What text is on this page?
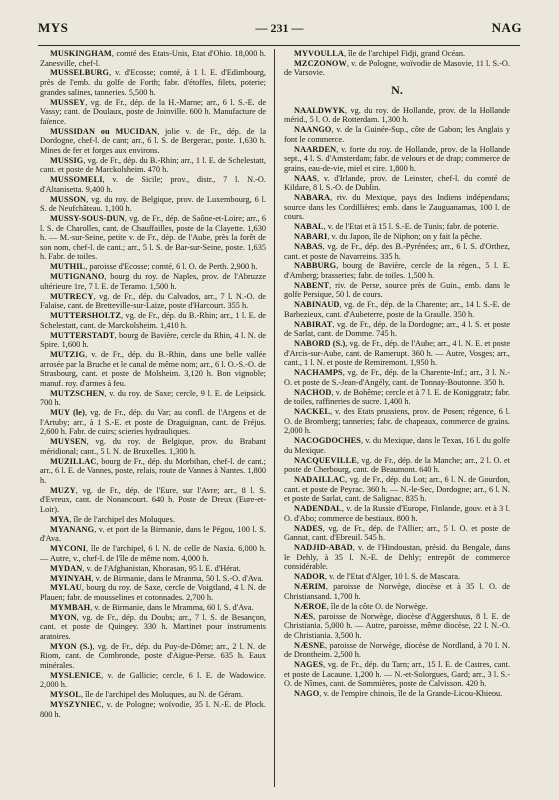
MYS	— 231 —	NAG
MUSKINGHAM, comté des Etats-Unis, Etat d'Ohio. 18,000 h. Zanesville, chef-l.
MUSSELBURG, v. d'Ecosse; comté, à 1 l. E. d'Edimbourg, près de l'emb. du golfe de Forth; fabr. d'étoffes, filets, poterie; grandes salines, tanneries. 5,500 h.
MUSSEY, vg. de Fr., dép. de la H.-Marne; arr., 6 l. S.-E. de Vassy; cant. de Doulaux, poste de Joinville. 600 h. Manufacture de faïence.
MUSSIDAN ou MUCIDAN, jolie v. de Fr., dép. de la Dordogne, chef-l. de cant; arr., 6 l. S. de Bergerac, poste. 1,630 h. Mines de fer et forges aux environs.
MUSSIG, vg. de Fr., dép. du B.-Rhin; arr., 1 l. E. de Schelestatt, cant. et poste de Marckolsheim. 470 h.
MUSSOMELI, v. de Sicile; prov., distr., 7 l. N.-O. d'Altanisetta. 9,400 h.
MUSSON, vg. du roy. de Belgique, prov. de Luxembourg, 6 l. S. de Neufchâteau. 1,100 h.
MUSSY-SOUS-DUN, vg. de Fr., dép. de Saône-et-Loire; arr., 6 l. S. de Charolles, cant. de Chauffailles, poste de la Clayette. 1,630 h. — M.-sur-Seine, petite v. de Fr., dép. de l'Aube, près la forêt de son nom, chef-l. de cant.; arr., 5 l. S. de Bar-sur-Seine, poste. 1,635 h. Fabr. de toiles.
MUTHIL, paroisse d'Ecosse; comté, 6 l. O. de Perth. 2,900 h.
MUTIGNANO, bourg du roy. de Naples, prov. de l'Abruzze ultérieure 1re, 7 l. E. de Teramo. 1,500 h.
MUTRECY, vg. de Fr., dép. du Calvados, arr., 7 l. N.-O. de Falaise, cant. de Bretteville-sur-Laize, poste d'Harcourt. 355 h.
MUTTERSHOLTZ, vg. de Fr., dép. du B.-Rhin; arr., 1 l. E. de Schelestatt, cant. de Marckolsheim. 1,410 h.
MUTTERSTADT, bourg de Bavière, cercle du Rhin, 4 l. N. de Spire. 1,600 h.
MUTZIG, v. de Fr., dép. du B.-Rhin, dans une belle vallée arrosée par la Bruche et le canal de même nom; arr., 6 l. O.-S.-O. de Strasbourg, cant. et poste de Molsheim. 3,120 h. Bon vignoble; manuf. roy. d'armes à feu.
MUTZSCHEN, v. du roy. de Saxe; cercle, 9 l. E. de Leipsick. 700 h.
MUY (le), vg. de Fr., dép. du Var; au confl. de l'Argens et de l'Artuby; arr., à 1 S.-E. et poste de Draguignan, cant. de Fréjus. 2,600 h. Fabr. de cuirs; scieries hydrauliques.
MUYSEN, vg. du roy. de Belgique, prov. du Brabant méridional; cant., 5 l. N. de Bruxelles. 1,300 h.
MUZILLAC, bourg de Fr., dép. du Morbihan, chef-l. de cant.; arr., 6 l. E. de Vannes, poste, relais, route de Vannes à Nantes. 1,800 h.
MUZY, vg. de Fr., dép. de l'Eure, sur l'Avre; arr., 8 l. S. d'Evreux, cant. de Nonancourt. 640 h. Poste de Dreux (Eure-et-Loir).
MYA, île de l'archipel des Moluques.
MYANANG, v. et port de la Birmanie, dans le Pégou, 100 l. S. d'Ava.
MYCONI, île de l'archipel, 6 l. N. de celle de Naxia. 6,000 h. — Autre, v., chef-l. de l'île de même nom. 4,000 h.
MYDAN, v. de l'Afghanistan, Khorasan, 95 l. E. d'Hérat.
MYINYAH, v. de Birmanie, dans le Mranma, 50 l. S.-O. d'Ava.
MYLAU, bourg du roy. de Saxe, cercle de Voigtland, 4 l. N. de Plauen; fabr. de mousselines et cotonnades. 2,700 h.
MYMBAH, v. de Birmanie, dans le Mramma, 60 l. S. d'Ava.
MYON, vg. de Fr., dép. du Doubs; arr., 7 l. S. de Besançon, cant. et poste de Quingey. 330 h. Martinet pour instruments aratoires.
MYON (S.), vg. de Fr., dép. du Puy-de-Dôme; arr., 2 l. N. de Riom, cant. de Combronde, poste d'Aigue-Perse. 635 h. Eaux minérales.
MYSLENICE, v. de Gallicie; cercle, 6 l. E. de Wadowice. 2,000 h.
MYSOL, île de l'archipel des Moluques, au N. de Géram.
MYSZYNIEC, v. de Pologne; woïvodie, 35 l. N.-E. de Plock. 800 h.
MYVOULLA, île de l'archipel Fidji, grand Océan.
MZCZONOW, v. de Pologne, woïvodie de Masovie, 11 l. S.-O. de Varsovie.
N.
NAALDWYK, vg. du roy. de Hollande, prov. de la Hollande mérid., 5 l. O. de Rotterdam. 1,300 h.
NAANGO, v. de la Guinée-Sup., côte de Gabon; les Anglais y font le commerce.
NAARDEN, v. forte du roy. de Hollande, prov. de la Hollande sept., 4 l. S. d'Amsterdam; fabr. de velours et de drap; commerce de grains, eau-de-vie, miel et cire. 1,800 h.
NAAS, v. d'Irlande, prov. de Leinster, chef-l. du comté de Kildare, 8 l. S.-O. de Dublin.
NABARA, riv. du Mexique, pays des Indiens indépendans; source dans les Cordillières; emb. dans le Zauguanamas, 100 l. de cours.
NABAL, v. de l'Etat et à 15 l. S.-E. de Tunis; fabr. de poterie.
NABARI, v. du Japon, île de Niphon; on y fait la pêche.
NABAS, vg. de Fr., dép. des B.-Pyrénées; arr., 6 l. S. d'Orthez, cant. et poste de Navarreins. 335 h.
NABBURG, bourg de Bavière, cercle de la régen., 5 l. E. d'Amberg; brasseries; fabr. de toiles. 1,500 h.
NABENT, riv. de Perse, source près de Guin., emb. dans le golfe Persique, 50 l. de cours.
NABINAUD, vg. de Fr., dép. de la Charente; arr., 14 l. S.-E. de Barbezieux, cant. d'Aubeterre, poste de la Graulle. 350 h.
NABIRAT, vg. de Fr., dép. de la Dordogne; arr., 4 l. S. et poste de Sarlat, cant. de Domme. 745 h.
NABORD (S.), vg. de Fr., dép. de l'Aube; arr., 4 l. N. E. et poste d'Arcis-sur-Aube, cant. de Ramerupt. 360 h. — Autre, Vosges; arr., cant., 1 l. N. et poste de Remiremont. 1,950 h.
NACHAMPS, vg. de Fr., dép. de la Charente-Inf.; arr., 3 l. N.-O. et poste de S.-Jean-d'Angély, cant. de Tonnay-Boutonne. 350 h.
NACHOD, v. de Bohême; cercle et à 7 l. E. de Koniggratz; fabr. de toiles, raffineries de sucre. 1,400 h.
NACKEL, v. des Etats prussiens, prov. de Posen; régence, 6 l. O. de Bromberg; tanneries; fabr. de chapeaux, commerce de grains. 2,000 h.
NACOGDOCHES, v. du Mexique, dans le Texas, 16 l. du golfe du Mexique.
NACQUEVILLE, vg. de Fr., dép. de la Manche; arr., 2 l. O. et poste de Cherbourg, cant. de Beaumont. 640 h.
NADAILLAC, vg. de Fr., dép. du Lot; arr., 6 l. N. de Gourdon, cant. et poste de Peyrac. 360 h. — N.-le-Sec, Dordogne; arr., 6 l. N. et poste de Sarlat, cant. de Salignac. 835 h.
NADENDAL, v. de la Russie d'Europe, Finlande, gouv. et à 3 l. O. d'Abo; commerce de bestiaux. 800 h.
NADES, vg. de Fr., dép. de l'Allier; arr., 5 l. O. et poste de Gannat, cant. d'Ebreuil. 545 h.
NADJID-ABAD, v. de l'Hindoustan, présid. du Bengale, dans le Dehly, à 35 l. N.-E. de Dehly; entrepôt de commerce considérable.
NADOR, v. de l'Etat d'Alger, 10 l. S. de Mascara.
NÆRIM, paroisse de Norwège, diocèse et à 35 l. O. de Christiansand. 1,700 h.
NÆROE, île de la côte O. de Norwège.
NÆS, paroisse de Norwège, diocèse d'Aggershuus, 8 l. E. de Christiania. 5,000 h. — Autre, paroisse, même diocèse, 22 l. N.-O. de Christiania. 3,500 h.
NÆSNE, paroisse de Norwège, diocèse de Nordland, à 70 l. N. de Drontheim. 2,500 h.
NAGES, vg. de Fr., dép. du Tarn; arr., 15 l. E. de Castres, cant. et poste de Lacaune. 1,200 h. — N.-et-Solorgues, Gard; arr., 3 l. S.-O. de Nîmes, cant. de Sommières, poste de Calvisson. 420 h.
NAGO, v. de l'empire chinois, île de la Grande-Licou-Khieou.
